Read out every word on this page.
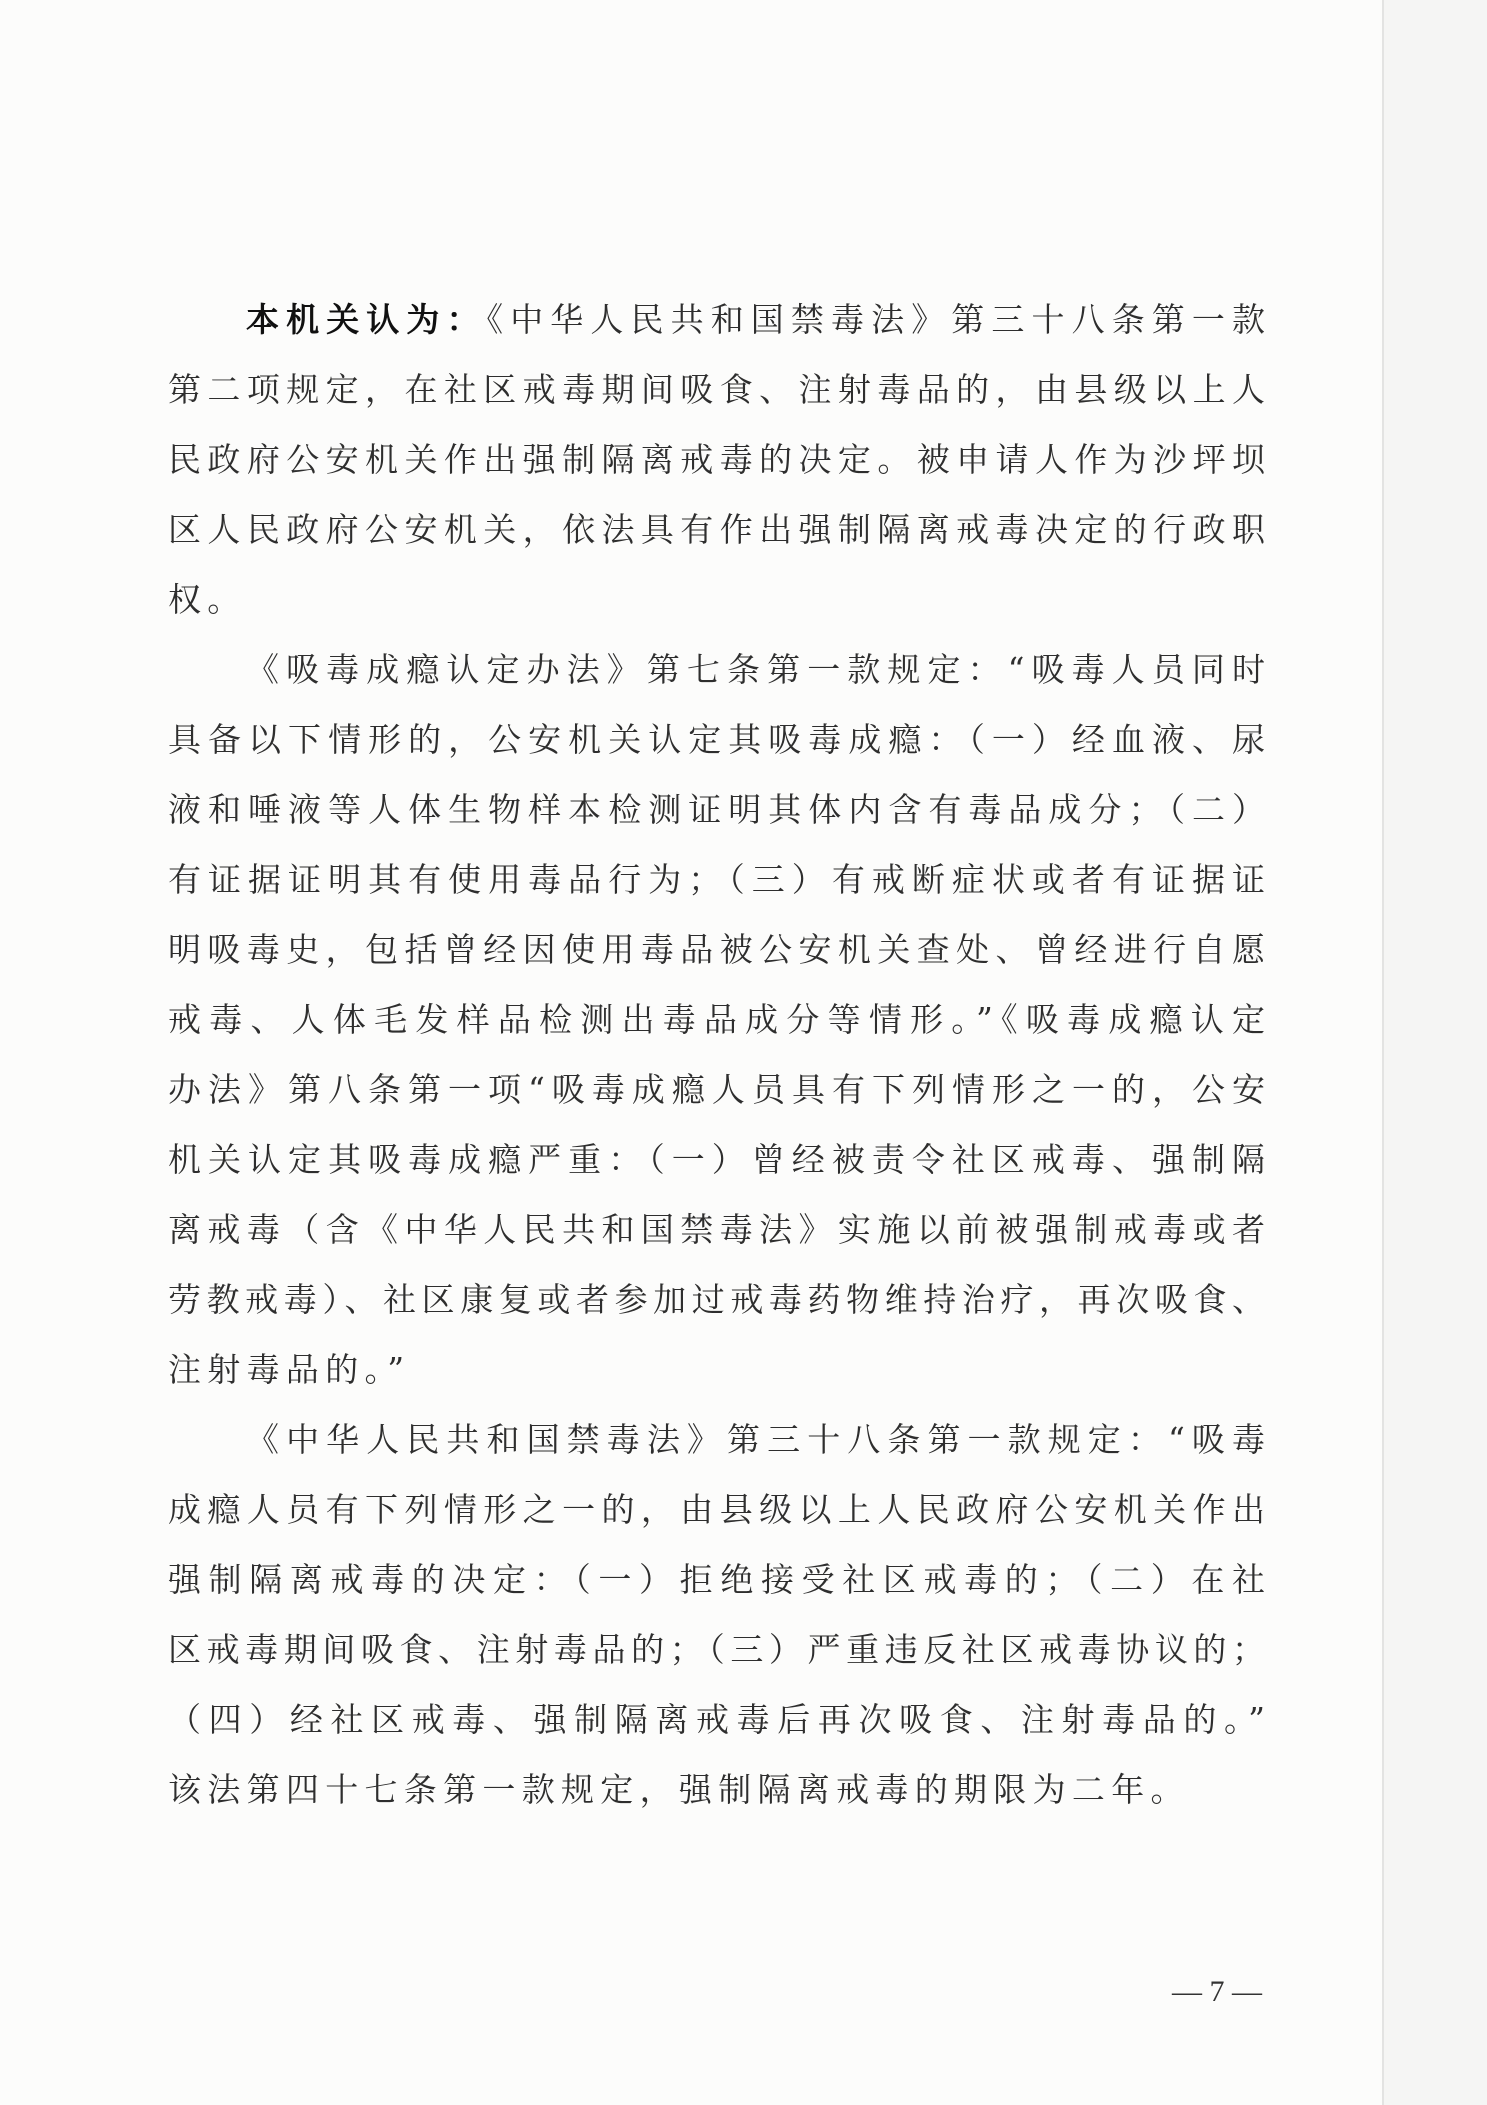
本机关认为：《中华人民共和国禁毒法》第三十八条第一款
第二项规定，在社区戒毒期间吸食、注射毒品的，由县级以上人
民政府公安机关作出强制隔离戒毒的决定。被申请人作为沙坪坝
区人民政府公安机关，依法具有作出强制隔离戒毒决定的行政职
权。
《吸毒成瘾认定办法》第七条第一款规定：“吸毒人员同时
具备以下情形的，公安机关认定其吸毒成瘾：（一）经血液、尿
液和唾液等人体生物样本检测证明其体内含有毒品成分；（二）
有证据证明其有使用毒品行为；（三）有戒断症状或者有证据证
明吸毒史，包括曾经因使用毒品被公安机关查处、曾经进行自愿
戒毒、人体毛发样品检测出毒品成分等情形。”《吸毒成瘾认定
办法》第八条第一项“吸毒成瘾人员具有下列情形之一的，公安
机关认定其吸毒成瘾严重：（一）曾经被责令社区戒毒、强制隔
离戒毒（含《中华人民共和国禁毒法》实施以前被强制戒毒或者
劳教戒毒）、社区康复或者参加过戒毒药物维持治疗，再次吸食、
注射毒品的。”
《中华人民共和国禁毒法》第三十八条第一款规定：“吸毒
成瘾人员有下列情形之一的，由县级以上人民政府公安机关作出
强制隔离戒毒的决定：（一）拒绝接受社区戒毒的；（二）在社
区戒毒期间吸食、注射毒品的；（三）严重违反社区戒毒协议的；
（四）经社区戒毒、强制隔离戒毒后再次吸食、注射毒品的。”
该法第四十七条第一款规定，强制隔离戒毒的期限为二年。
— 7 —
